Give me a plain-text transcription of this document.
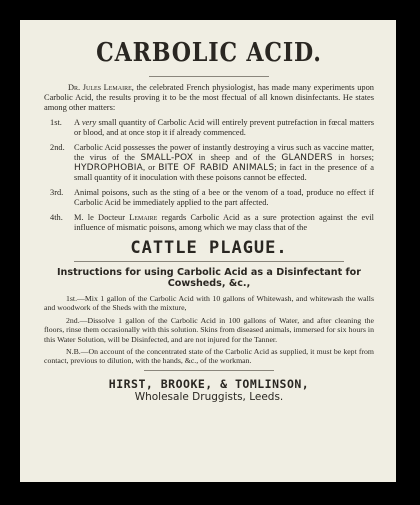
CARBOLIC ACID.

Dr. Jules Lemaire, the celebrated French physiologist, has made many experiments upon Carbolic Acid, the results proving it to be the most ffectual of all known disinfectants. He states among other matters:

1st. A very small quantity of Carbolic Acid will entirely prevent putrefaction in fœcal matters or blood, and at once stop it if already commenced.

2nd. Carbolic Acid possesses the power of instantly destroying a virus such as vaccine matter, the virus of the SMALL-POX in sheep and of the GLANDERS in horses; HYDROPHOBIA, or BITE OF RABID ANIMALS; in fact in the presence of a small quantity of it inoculation with these poisons cannot be effected.

3rd. Animal poisons, such as the sting of a bee or the venom of a toad, produce no effect if Carbolic Acid be immediately applied to the part affected.

4th. M. le Docteur Lemaire regards Carbolic Acid as a sure protection against the evil influence of mismatic poisons, among which we may class that of the

CATTLE PLAGUE.
Instructions for using Carbolic Acid as a Disinfectant for Cowsheds, &c.,

1st.—Mix 1 gallon of the Carbolic Acid with 10 gallons of Whitewash, and whitewash the walls and woodwork of the Sheds with the mixture,

2nd.—Dissolve 1 gallon of the Carbolic Acid in 100 gallons of Water, and after cleaning the floors, rinse them occasionally with this solution. Skins from diseased animals, immersed for six hours in this Water Solution, will be Disinfected, and are not injured for the Tanner.

N.B.—On account of the concentrated state of the Carbolic Acid as supplied, it must be kept from contact, previous to dilution, with the hands, &c., of the workman.

HIRST, BROOKE, & TOMLINSON,
Wholesale Druggists, Leeds.
